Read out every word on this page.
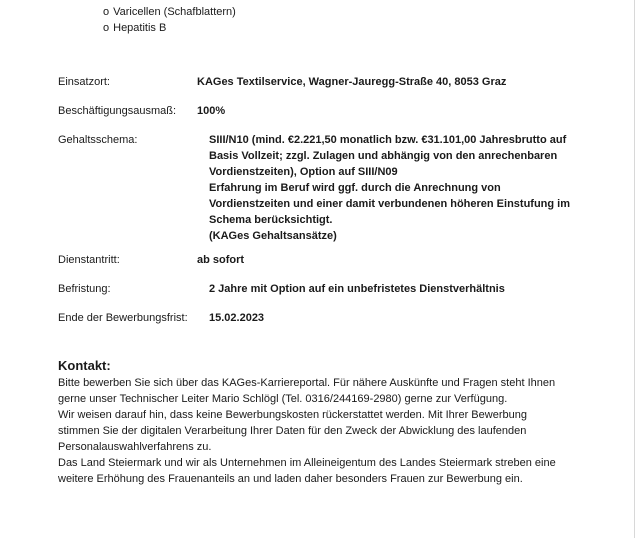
o Varicellen (Schafblattern)
o Hepatitis B
Einsatzort:	KAGes Textilservice, Wagner-Jauregg-Straße 40, 8053 Graz
Beschäftigungsausmaß: 100%
Gehaltsschema:	SIII/N10 (mind. €2.221,50 monatlich bzw. €31.101,00 Jahresbrutto auf
Basis Vollzeit; zzgl. Zulagen und abhängig von den anrechenbaren
Vordienstzeiten), Option auf SIII/N09
Erfahrung im Beruf wird ggf. durch die Anrechnung von
Vordienstzeiten und einer damit verbundenen höheren Einstufung im
Schema berücksichtigt.
(KAGes Gehaltsansätze)
Dienstantritt:	ab sofort
Befristung:	2 Jahre mit Option auf ein unbefristetes Dienstverhältnis
Ende der Bewerbungsfrist: 15.02.2023
Kontakt:
Bitte bewerben Sie sich über das KAGes-Karriereportal. Für nähere Auskünfte und Fragen steht Ihnen
gerne unser Technischer Leiter Mario Schlögl (Tel. 0316/244169-2980) gerne zur Verfügung.
Wir weisen darauf hin, dass keine Bewerbungskosten rückerstattet werden. Mit Ihrer Bewerbung
stimmen Sie der digitalen Verarbeitung Ihrer Daten für den Zweck der Abwicklung des laufenden
Personalauswahlverfahrens zu.
Das Land Steiermark und wir als Unternehmen im Alleineigentum des Landes Steiermark streben eine
weitere Erhöhung des Frauenanteils an und laden daher besonders Frauen zur Bewerbung ein.
